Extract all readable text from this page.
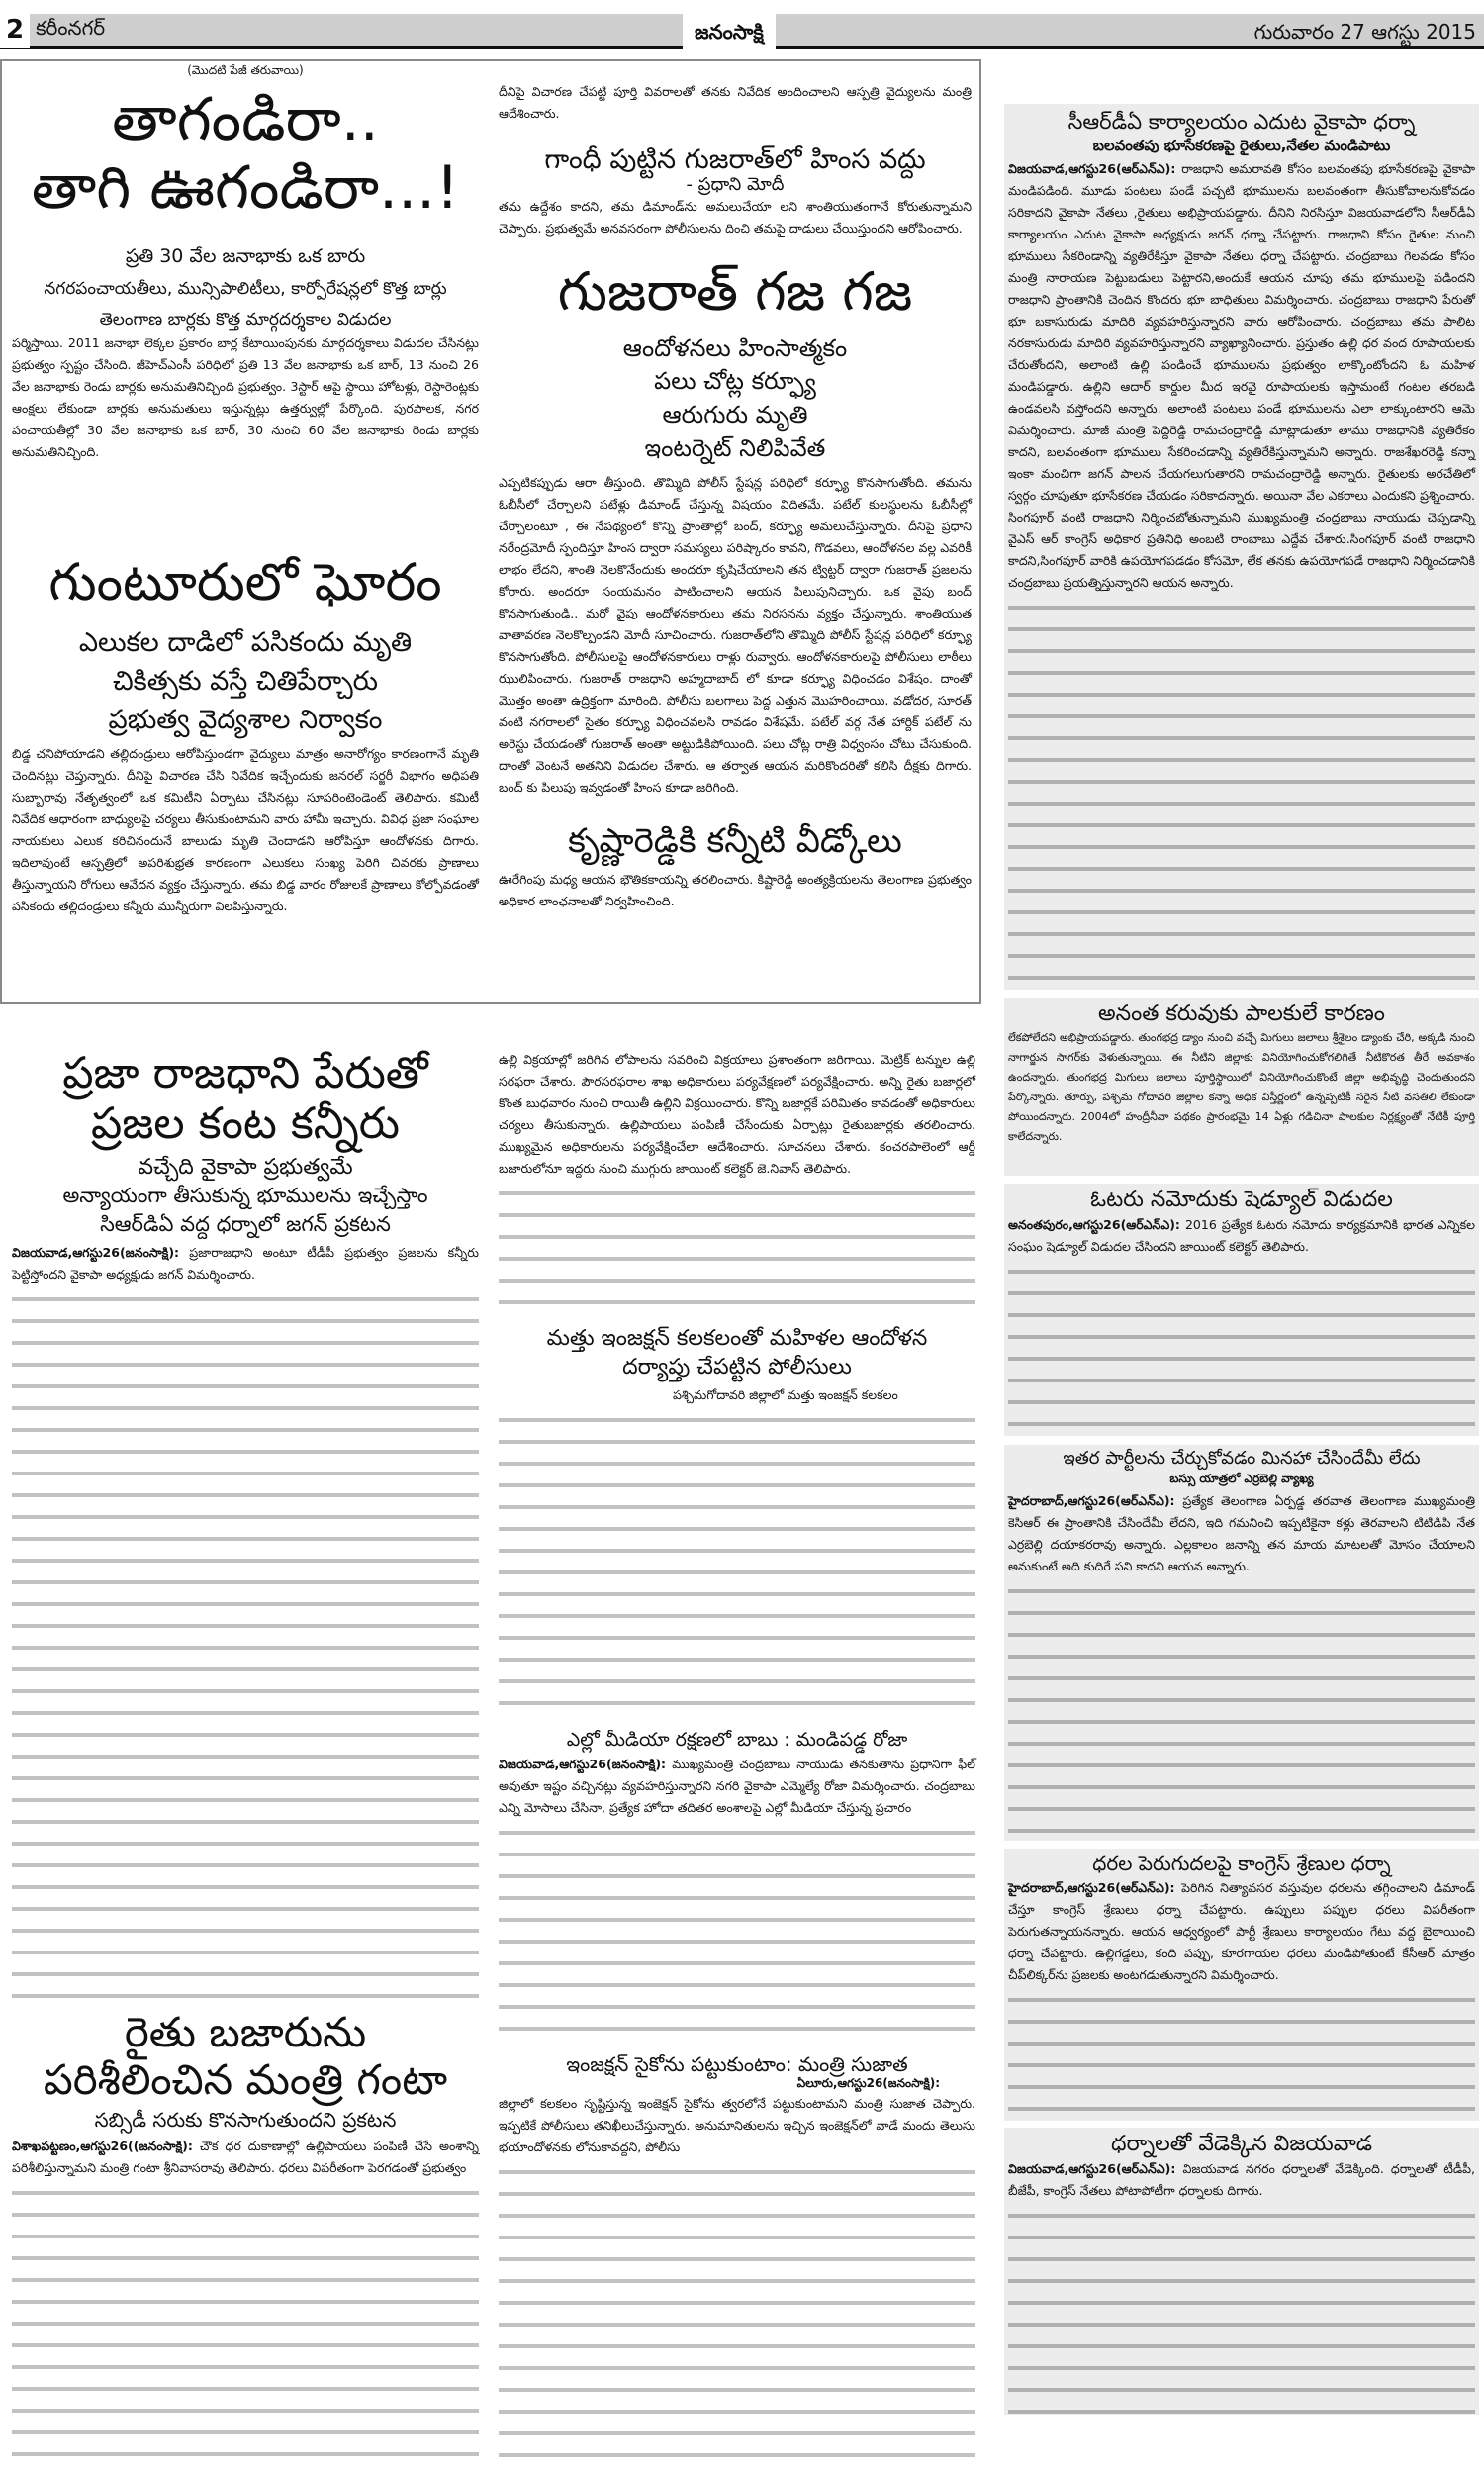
2 కరీంనగర్	జనంసాక్షి	గురువారం 27 ఆగస్టు 2015
(మొదటి పేజీ తరువాయి)
తాగండిరా..
తాగి ఊగండిరా...!
ప్రతి 30 వేల జనాభాకు ఒక బారు
నగరపంచాయతీలు, మున్సిపాలిటీలు, కార్పోరేషన్లలో కొత్త బార్లు
తెలంగాణ బార్లకు కొత్త మార్గదర్శకాల విడుదల
పర్మిస్తాయి. 2011 జనాభా లెక్కల ప్రకారం బార్ల కేటాయింపునకు మార్గదర్శకాలు విడుదల చేసినట్లు ప్రభుత్వం స్పష్టం చేసింది. జీహెచ్ఎంసీ పరిధిలో ప్రతి 13 వేల జనాభాకు ఒక బార్, 13 నుంచి 26 వేల జనాభాకు రెండు బార్లకు అనుమతినిచ్చింది ప్రభుత్వం. 3స్టార్ ఆపై స్థాయి హోటళ్లు, రెస్టారెంట్లకు ఆంక్షలు లేకుండా బార్లకు అనుమతులు ఇస్తున్నట్లు ఉత్తర్వుల్లో పేర్కొంది. పురపాలక, నగర పంచాయతీల్లో 30 వేల జనాభాకు ఒక బార్, 30 నుంచి 60 వేల జనాభాకు రెండు బార్లకు అనుమతినిచ్చింది.
గుంటూరులో ఘోరం
ఎలుకల దాడిలో పసికందు మృతి
చికిత్సకు వస్తే చితిపేర్చారు
ప్రభుత్వ వైద్యశాల నిర్వాకం
బిడ్డ చనిపోయాడని తల్లిదండ్రులు ఆరోపిస్తుండగా వైద్యులు మాత్రం అనారోగ్యం కారణంగానే మృతి చెందినట్లు చెప్తున్నారు. దీనిపై విచారణ చేసి నివేదిక ఇచ్చేందుకు జనరల్ సర్జరీ విభాగం అధిపతి సుబ్బారావు నేతృత్వంలో ఒక కమిటీని ఏర్పాటు చేసినట్లు సూపరింటెండెంట్ తెలిపారు. కమిటీ నివేదిక ఆధారంగా బాధ్యులపై చర్యలు తీసుకుంటామని వారు హామీ ఇచ్చారు. వివిధ ప్రజా సంఘాల నాయకులు ఎలుక కరిచినందునే బాలుడు మృతి చెందాడని ఆరోపిస్తూ ఆందోళనకు దిగారు. ఇదిలావుంటే ఆస్పత్రిలో అపరిశుభ్రత కారణంగా ఎలుకలు సంఖ్య పెరిగి చివరకు ప్రాణాలు తీస్తున్నాయని రోగులు ఆవేదన వ్యక్తం చేస్తున్నారు. తమ బిడ్డ వారం రోజులకే ప్రాణాలు కోల్పోవడంతో పసికందు తల్లిదండ్రులు కన్నీరు మున్నీరుగా విలపిస్తున్నారు.
దీనిపై విచారణ చేపట్టి పూర్తి వివరాలతో తనకు నివేదిక అందించాలని ఆస్పత్రి వైద్యులను మంత్రి ఆదేశించారు.
గాంధీ పుట్టిన గుజరాత్‌లో హింస వద్దు
- ప్రధాని మోదీ
తమ ఉద్దేశం కాదని, తమ డిమాండ్‌ను అమలుచేయా లని శాంతియుతంగానే కోరుతున్నామని చెప్పారు. ప్రభుత్వమే అనవసరంగా పోలీసులను దించి తమపై దాడులు చేయిస్తుందని ఆరోపించారు.
గుజరాత్ గజ గజ
ఆందోళనలు హింసాత్మకం
పలు చోట్ల కర్ఫ్యూ
ఆరుగురు మృతి
ఇంటర్నెట్ నిలిపివేత
ఎప్పటికప్పుడు ఆరా తీస్తుంది. తొమ్మిది పోలీస్ స్టేషన్ల పరిధిలో కర్ఫ్యూ కొనసాగుతోంది. తమను ఓబీసీలో చేర్చాలని పటేళ్లు డిమాండ్ చేస్తున్న విషయం విదితమే. పటేల్ కులస్థులను ఓబీసీల్లో చేర్చాలంటూ , ఈ నేపథ్యంలో కొన్ని ప్రాంతాల్లో బంద్, కర్ఫ్యూ అమలుచేస్తున్నారు. దీనిపై ప్రధాని నరేంద్రమోదీ స్పందిస్తూ హింస ద్వారా సమస్యలు పరిష్కారం కావని, గొడవలు, ఆందోళనల వల్ల ఎవరికీ లాభం లేదని, శాంతి నెలకొనేందుకు అందరూ కృషిచేయాలని తన ట్విట్టర్ ద్వారా గుజరాత్ ప్రజలను కోరారు. అందరూ సంయమనం పాటించాలని ఆయన పిలుపునిచ్చారు. ఒక వైపు బంద్ కొనసాగుతుండి.. మరో వైపు ఆందోళనకారులు తమ నిరసనను వ్యక్తం చేస్తున్నారు. శాంతియుత వాతావరణ నెలకొల్పండని మోదీ సూచించారు. గుజరాత్‌లోని తొమ్మిది పోలీస్ స్టేషన్ల పరిధిలో కర్ఫ్యూ కొనసాగుతోంది. పోలీసులపై ఆందోళనకారులు రాళ్లు రువ్వారు. ఆందోళనకారులపై పోలీసులు లాఠీలు ఝులిపించారు. గుజరాత్ రాజధాని అహ్మదాబాద్ లో కూడా కర్ఫ్యూ విధించడం విశేషం. దాంతో మొత్తం అంతా ఉద్రిక్తంగా మారింది. పోలీసు బలగాలు పెద్ద ఎత్తున మొహరించాయి. వడోదర, సూరత్ వంటి నగరాలలో సైతం కర్ఫ్యూ విధించవలసి రావడం విశేషమే. పటేల్ వర్గ నేత హార్దిక్ పటేల్ ను అరెస్టు చేయడంతో గుజరాత్ అంతా అట్టుడికిపోయింది. పలు చోట్ల రాత్రి విధ్వంసం చోటు చేసుకుంది. దాంతో వెంటనే అతనిని విడుదల చేశారు. ఆ తర్వాత ఆయన మరికొందరితో కలిసి దీక్షకు దిగారు. బంద్ కు పిలుపు ఇవ్వడంతో హింస కూడా జరిగింది.
కృష్ణారెడ్డికి కన్నీటి వీడ్కోలు
ఊరేగింపు మధ్య ఆయన భౌతికకాయన్ని తరలించారు. కిష్టారెడ్డి అంత్యక్రియలను తెలంగాణ ప్రభుత్వం అధికార లాంఛనాలతో నిర్వహించింది.
ప్రజా రాజధాని పేరుతో
ప్రజల కంట కన్నీరు
వచ్చేది వైకాపా ప్రభుత్వమే
అన్యాయంగా తీసుకున్న భూములను ఇచ్చేస్తాం
సిఆర్‌డిఏ వద్ద ధర్నాలో జగన్ ప్రకటన
విజయవాడ,ఆగస్టు26(జనంసాక్షి): ప్రజారాజధాని అంటూ టీడీపీ ప్రభుత్వం ప్రజలను కన్నీరు పెట్టిస్తోందని వైకాపా అధ్యక్షుడు జగన్ విమర్శించారు.
రైతు బజారును
పరిశీలించిన మంత్రి గంటా
సబ్సిడీ సరుకు కొనసాగుతుందని ప్రకటన
విశాఖపట్టణం,ఆగస్టు26((జనంసాక్షి): చౌక ధర దుకాణాల్లో ఉల్లిపాయలు పంపిణీ చేసే అంశాన్ని పరిశీలిస్తున్నామని మంత్రి గంటా శ్రీనివాసరావు తెలిపారు. ధరలు విపరీతంగా పెరగడంతో ప్రభుత్వం
ఉల్లి విక్రయాల్లో జరిగిన లోపాలను సవరించి విక్రయాలు ప్రశాంతంగా జరిగాయి. మెట్రిక్ టన్నుల ఉల్లి సరఫరా చేశారు. పౌరసరఫరాల శాఖ అధికారులు పర్యవేక్షణలో పర్యవేక్షించారు. అన్ని రైతు బజార్లలో కొంత బుధవారం నుంచి రాయితీ ఉల్లిని విక్రయించారు. కొన్ని బజార్లకే పరిమితం కావడంతో అధికారులు చర్యలు తీసుకున్నారు. ఉల్లిపాయలు పంపిణీ చేసేందుకు ఏర్పాట్లు రైతుబజార్లకు తరలించారు. ముఖ్యమైన అధికారులను పర్యవేక్షించేలా ఆదేశించారు. సూచనలు చేశారు. కంచరపాలెంలో ఆర్డీ బజారులోనూ ఇద్దరు నుంచి ముగ్గురు జాయింట్ కలెక్టర్ జె.నివాస్ తెలిపారు.
మత్తు ఇంజక్షన్ కలకలంతో మహిళల ఆందోళన
దర్యాప్తు చేపట్టిన పోలీసులు
పశ్చిమగోదావరి జిల్లాలో మత్తు ఇంజక్షన్ కలకలం
ఎల్లో మీడియా రక్షణలో బాబు : మండిపడ్డ రోజా
విజయవాడ,ఆగస్టు26(జనంసాక్షి): ముఖ్యమంత్రి చంద్రబాబు నాయుడు తనకుతాను ప్రధానిగా ఫీల్ అవుతూ ఇష్టం వచ్చినట్లు వ్యవహరిస్తున్నారని నగరి వైకాపా ఎమ్మెల్యే రోజా విమర్శించారు. చంద్రబాబు ఎన్ని మోసాలు చేసినా, ప్రత్యేక హోదా తదితర అంశాలపై ఎల్లో మీడియా చేస్తున్న ప్రచారం
ఇంజక్షన్ సైకోను పట్టుకుంటాం: మంత్రి సుజాత
ఏలూరు,ఆగస్టు26(జనంసాక్షి):
జిల్లాలో కలకలం సృష్టిస్తున్న ఇంజెక్షన్ సైకోను త్వరలోనే పట్టుకుంటామని మంత్రి సుజాత చెప్పారు. ఇప్పటికే పోలీసులు తనిఖీలుచేస్తున్నారు. అనుమానితులను ఇచ్చిన ఇంజెక్షన్‌లో వాడే మందు తెలుసు భయాందోళనకు లోనుకావద్దని, పోలీసు
సీఆర్‌డీఏ కార్యాలయం ఎదుట వైకాపా ధర్నా
బలవంతపు భూసేకరణపై రైతులు,నేతల మండిపాటు
విజయవాడ,ఆగస్టు26(ఆర్ఎన్ఎ): రాజధాని అమరావతి కోసం బలవంతపు భూసేకరణపై వైకాపా మండిపడింది. మూడు పంటలు పండే పచ్చటి భూములను బలవంతంగా తీసుకోవాలనుకోవడం సరికాదని వైకాపా నేతలు ,రైతులు అభిప్రాయపడ్డారు. దీనిని నిరసిస్తూ విజయవాడలోని సీఆర్‌డీఏ కార్యాలయం ఎదుట వైకాపా అధ్యక్షుడు జగన్ ధర్నా చేపట్టారు. రాజధాని కోసం రైతుల నుంచి భూములు సేకరిండాన్ని వ్యతిరేకిస్తూ వైకాపా నేతలు ధర్నా చేపట్టారు. చంద్రబాబు గెలవడం కోసం మంత్రి నారాయణ పెట్టుబడులు పెట్టారని,అందుకే ఆయన చూపు తమ భూములపై పడిందని రాజధాని ప్రాంతానికి చెందిన కొందరు భూ బాధితులు విమర్శించారు. చంద్రబాబు రాజధాని పేరుతో భూ బకాసురుడు మాదిరి వ్యవహరిస్తున్నారని వారు ఆరోపించారు. చంద్రబాబు తమ పాలిట నరకాసురుడు మాదిరి వ్యవహరిస్తున్నారని వ్యాఖ్యానించారు. ప్రస్తుతం ఉల్లి ధర వంద రూపాయలకు చేరుతోందని, అలాంటి ఉల్లి పండించే భూములను ప్రభుత్వం లాక్కొంటోందని ఓ మహిళ మండిపడ్డారు. ఉల్లిని ఆదార్ కార్డుల మీద ఇరవై రూపాయలకు ఇస్తామంటే గంటల తరబడి ఉండవలసి వస్తోందని అన్నారు. అలాంటి పంటలు పండే భూములను ఎలా లాక్కుంటారని ఆమె విమర్శించారు. మాజీ మంత్రి పెద్దిరెడ్డి రామచంద్రారెడ్డి మాట్లాడుతూ తాము రాజధానికి వ్యతిరేకం కాదని, బలవంతంగా భూములు సేకరించడాన్ని వ్యతిరేకిస్తున్నామని అన్నారు. రాజశేఖరరెడ్డి కన్నా ఇంకా మంచిగా జగన్ పాలన చేయగలుగుతారని రామచంద్రారెడ్డి అన్నారు. రైతులకు అరచేతిలో స్వర్గం చూపుతూ భూసేకరణ చేయడం సరికాదన్నారు. అయినా వేల ఎకరాలు ఎందుకని ప్రశ్నించారు. సింగపూర్ వంటి రాజధాని నిర్మించబోతున్నామని ముఖ్యమంత్రి చంద్రబాబు నాయుడు చెప్పడాన్ని వైఎస్ ఆర్ కాంగ్రెస్ అధికార ప్రతినిధి అంబటి రాంబాబు ఎద్దేవ చేశారు.సింగపూర్ వంటి రాజధాని కాదని,సింగపూర్ వారికి ఉపయోగపడడం కోసమో, లేక తనకు ఉపయోగపడే రాజధాని నిర్మించడానికి చంద్రబాబు ప్రయత్నిస్తున్నారని ఆయన అన్నారు.
అనంత కరువుకు పాలకులే కారణం
లేకపోలేదని అభిప్రాయపడ్డారు. తుంగభద్ర డ్యాం నుంచి వచ్చే మిగులు జలాలు శ్రీశైలం డ్యాంకు చేరి, అక్కడి నుంచి నాగార్జున సాగర్‌కు వెళుతున్నాయి. ఈ నీటిని జిల్లాకు వినియోగించుకోగలిగితే నీటికొరత తీరే అవకాశం ఉందన్నారు. తుంగభద్ర మిగులు జలాలు పూర్తిస్థాయిలో వినియోగించుకొంటే జిల్లా అభివృద్ధి చెందుతుందని పేర్కొన్నారు. తూర్పు, పశ్చిమ గోదావరి జిల్లాల కన్నా అధిక విస్తీర్ణంలో ఉన్నప్పటికీ సరైన నీటి వసతిలి లేకుండా పోయిందన్నారు. 2004లో హంద్రీనీవా పథకం ప్రారంభమై 14 ఏళ్లు గడిచినా పాలకుల నిర్లక్ష్యంతో నేటికీ పూర్తి కాలేదన్నారు.
ఓటరు నమోదుకు షెడ్యూల్ విడుదల
అనంతపురం,ఆగస్టు26(ఆర్ఎన్ఎ): 2016 ప్రత్యేక ఓటరు నమోదు కార్యక్రమానికి భారత ఎన్నికల సంఘం షెడ్యూల్ విడుదల చేసిందని జాయింట్ కలెక్టర్ తెలిపారు.
ఇతర పార్టీలను చేర్చుకోవడం మినహా చేసిందేమీ లేదు
బస్సు యాత్రలో ఎర్రబెల్లి వ్యాఖ్య
హైదరాబాద్,ఆగస్టు26(ఆర్ఎన్ఎ): ప్రత్యేక తెలంగాణ ఏర్పడ్డ తరవాత తెలంగాణ ముఖ్యమంత్రి కెసిఆర్ ఈ ప్రాంతానికి చేసిందేమీ లేదని, ఇది గమనించి ఇప్పటికైనా కళ్లు తెరవాలని టిటిడిపి నేత ఎర్రబెల్లి దయాకరరావు అన్నారు. ఎల్లకాలం జనాన్ని తన మాయ మాటలతో మోసం చేయాలని అనుకుంటే అది కుదిరే పని కాదని ఆయన అన్నారు.
ధరల పెరుగుదలపై కాంగ్రెస్ శ్రేణుల ధర్నా
హైదరాబాద్,ఆగస్టు26(ఆర్ఎన్ఎ): పెరిగిన నిత్యావసర వస్తువుల ధరలను తగ్గించాలని డిమాండ్ చేస్తూ కాంగ్రెస్ శ్రేణులు ధర్నా చేపట్టారు. ఉప్పులు పప్పుల ధరలు విపరీతంగా పెరుగుతన్నాయనన్నారు. ఆయన ఆధ్వర్యంలో పార్టీ శ్రేణులు కార్యాలయం గేటు వద్ద బైఠాయించి ధర్నా చేపట్టారు. ఉల్లిగడ్డలు, కంది పప్పు, కూరగాయల ధరలు మండిపోతుంటే కేసీఆర్ మాత్రం చీప్‌లిక్కర్‌ను ప్రజలకు అంటగడుతున్నారని విమర్శించారు.
ధర్నాలతో వేడెక్కిన విజయవాడ
విజయవాడ,ఆగస్టు26(ఆర్ఎన్ఎ): విజయవాడ నగరం ధర్నాలతో వేడెక్కింది. ధర్నాలతో టీడీపీ, బీజేపీ, కాంగ్రెస్ నేతలు పోటాపోటీగా ధర్నాలకు దిగారు.
